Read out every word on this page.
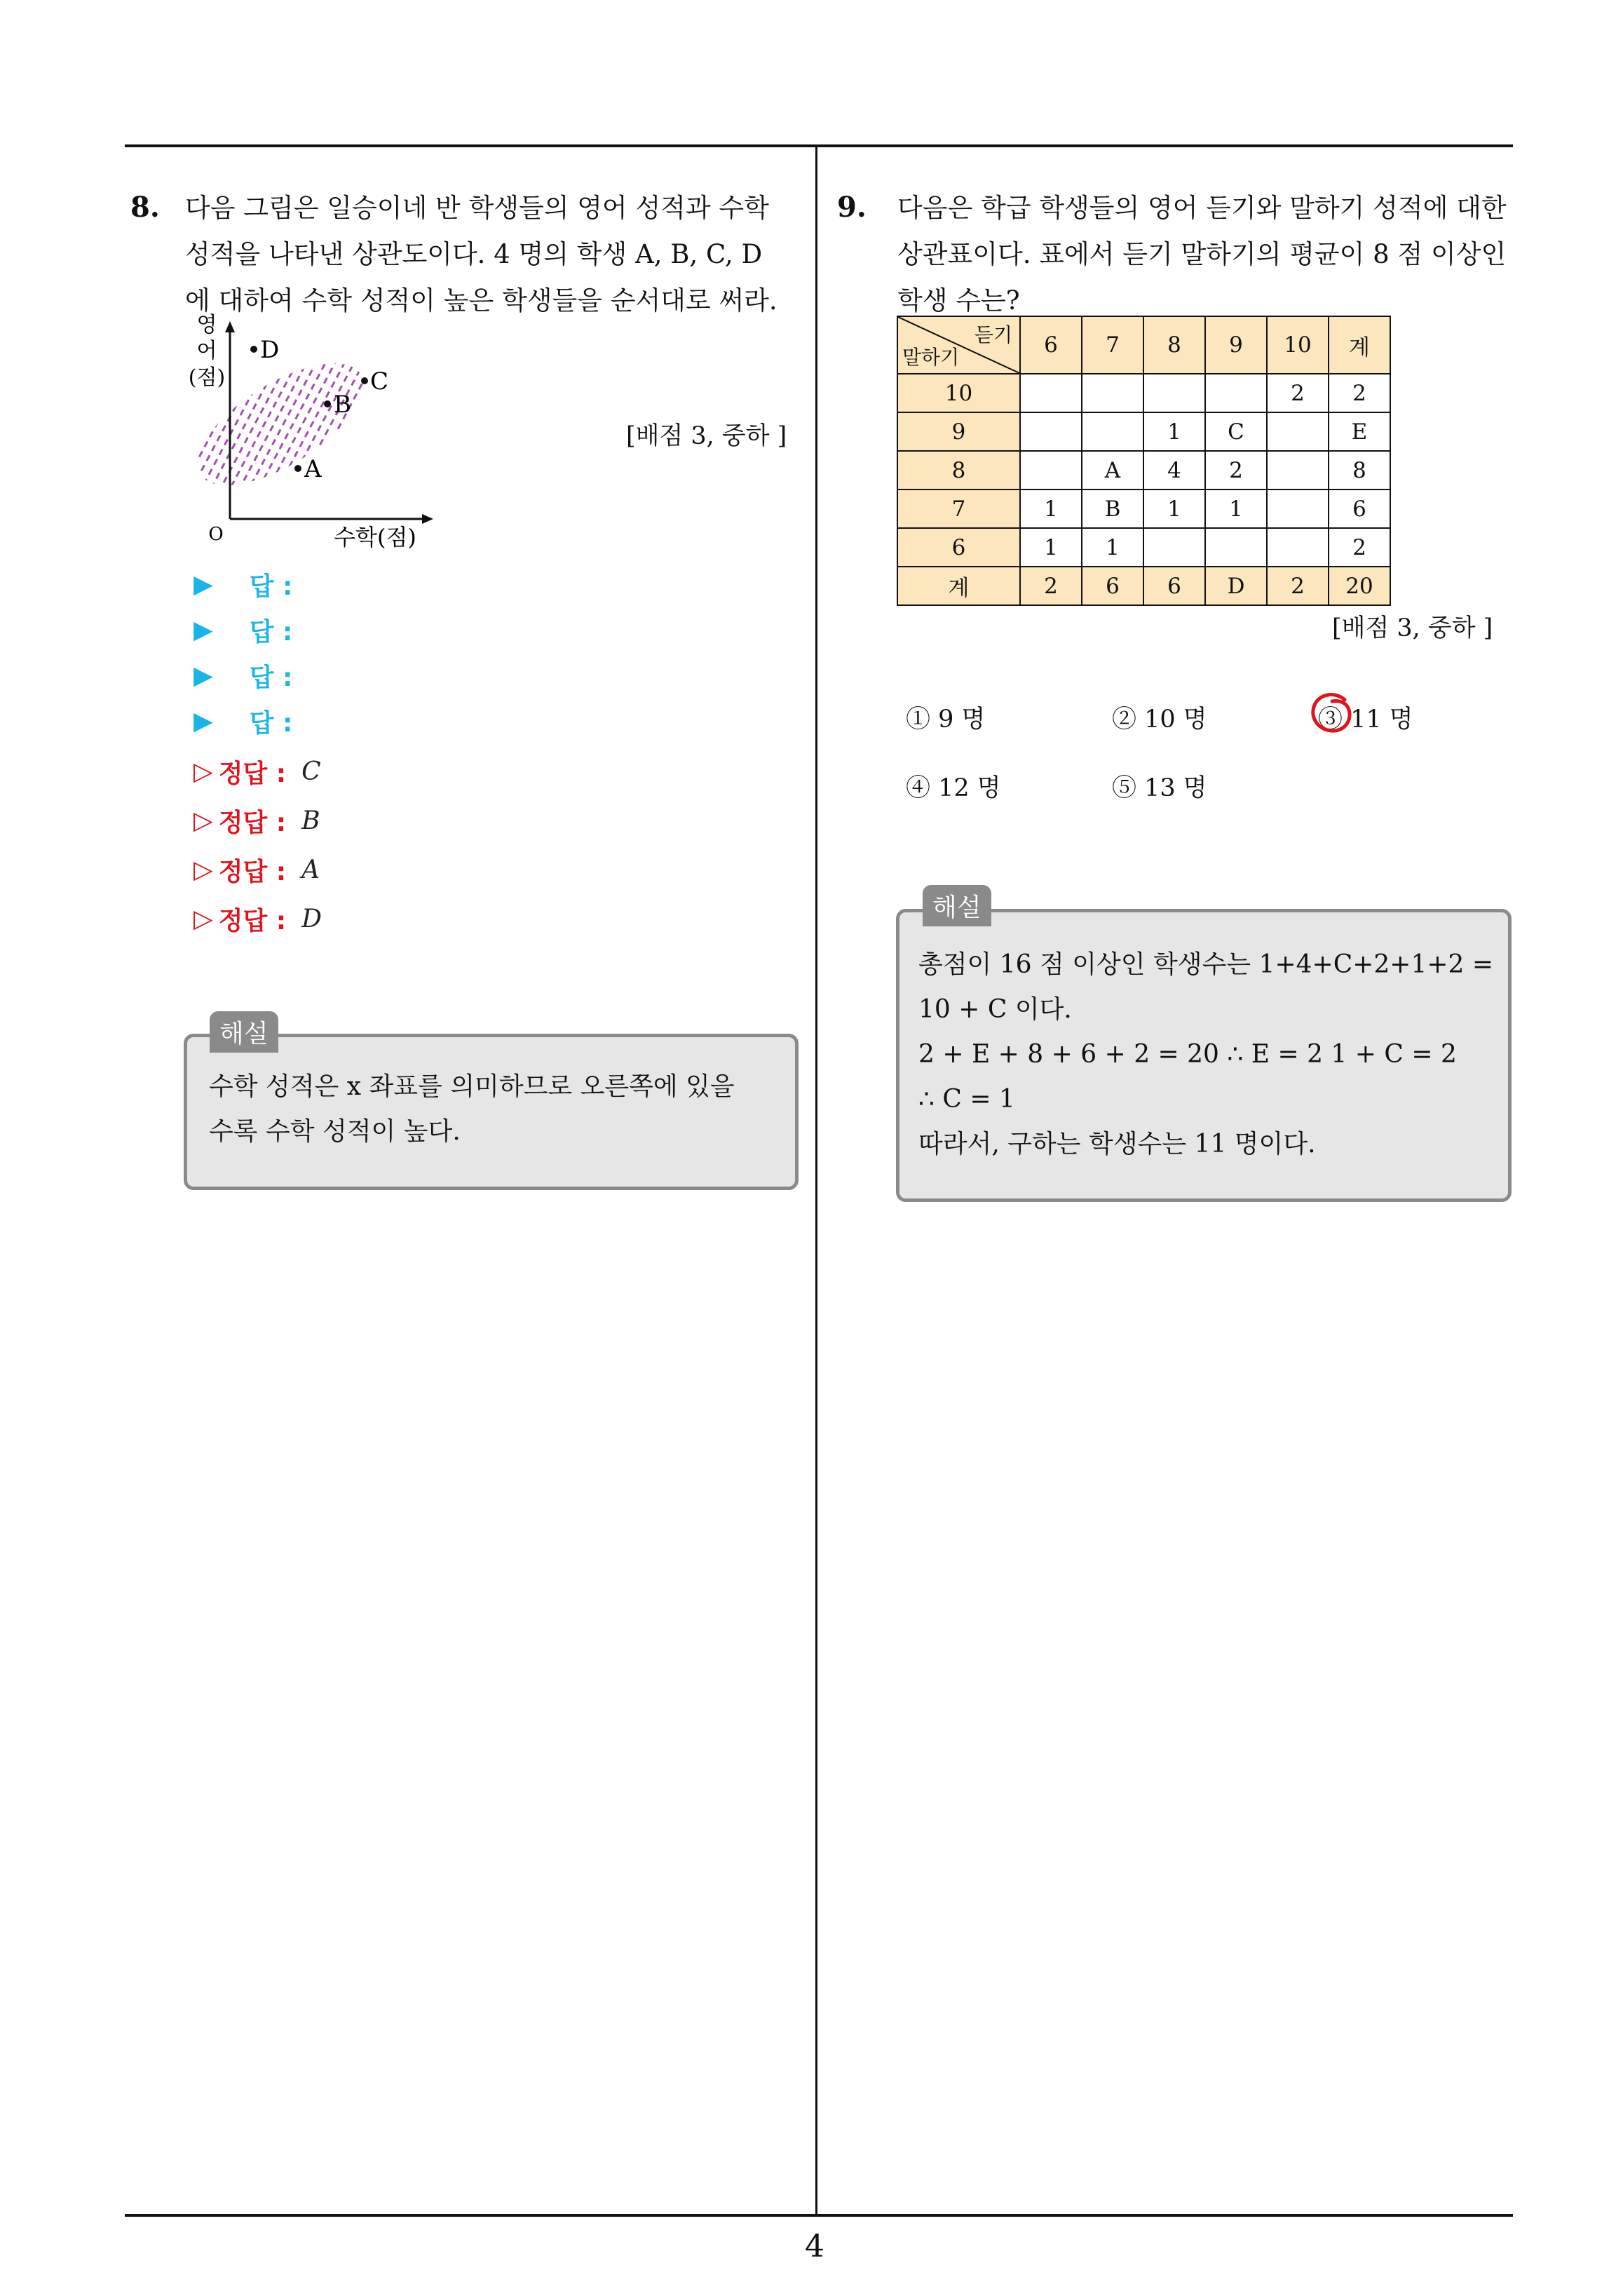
8. 다음 그림은 일승이네 반 학생들의 영어 성적과 수학
성적을 나타낸 상관도이다. 4 명의 학생 A, B, C, D
에 대하여 수학 성적이 높은 학생들을 순서대로 써라.
D
B
C
A
영
어
(점)
O	수학(점)
[배점 3, 중하 ]
▶ 답 :
▶ 답 :
▶ 답 :
▶ 답 :
▷ 정답 : C
▷ 정답 : B
▷ 정답 : A
▷ 정답 : D
해설
수학 성적은 x 좌표를 의미하므로 오른쪽에 있을
수록 수학 성적이 높다.
9. 다음은 학급 학생들의 영어 듣기와 말하기 성적에 대한
상관표이다. 표에서 듣기 말하기의 평균이 8 점 이상인
학생 수는?
듣기
말하기	6	7	8	9	10	계
10					2	2
9			1	C		E
8		A	4	2		8
7	1	B	1	1		6
6	1	1				2
계	2	6	6	D	2	20
[배점 3, 중하 ]
① 9 명	② 10 명	③ 11 명
④ 12 명	⑤ 13 명
해설
총점이 16 점 이상인 학생수는 1+4+C+2+1+2 =
10 + C 이다.
2 + E + 8 + 6 + 2 = 20 ∴ E = 2 1 + C = 2
∴ C = 1
따라서, 구하는 학생수는 11 명이다.
4
